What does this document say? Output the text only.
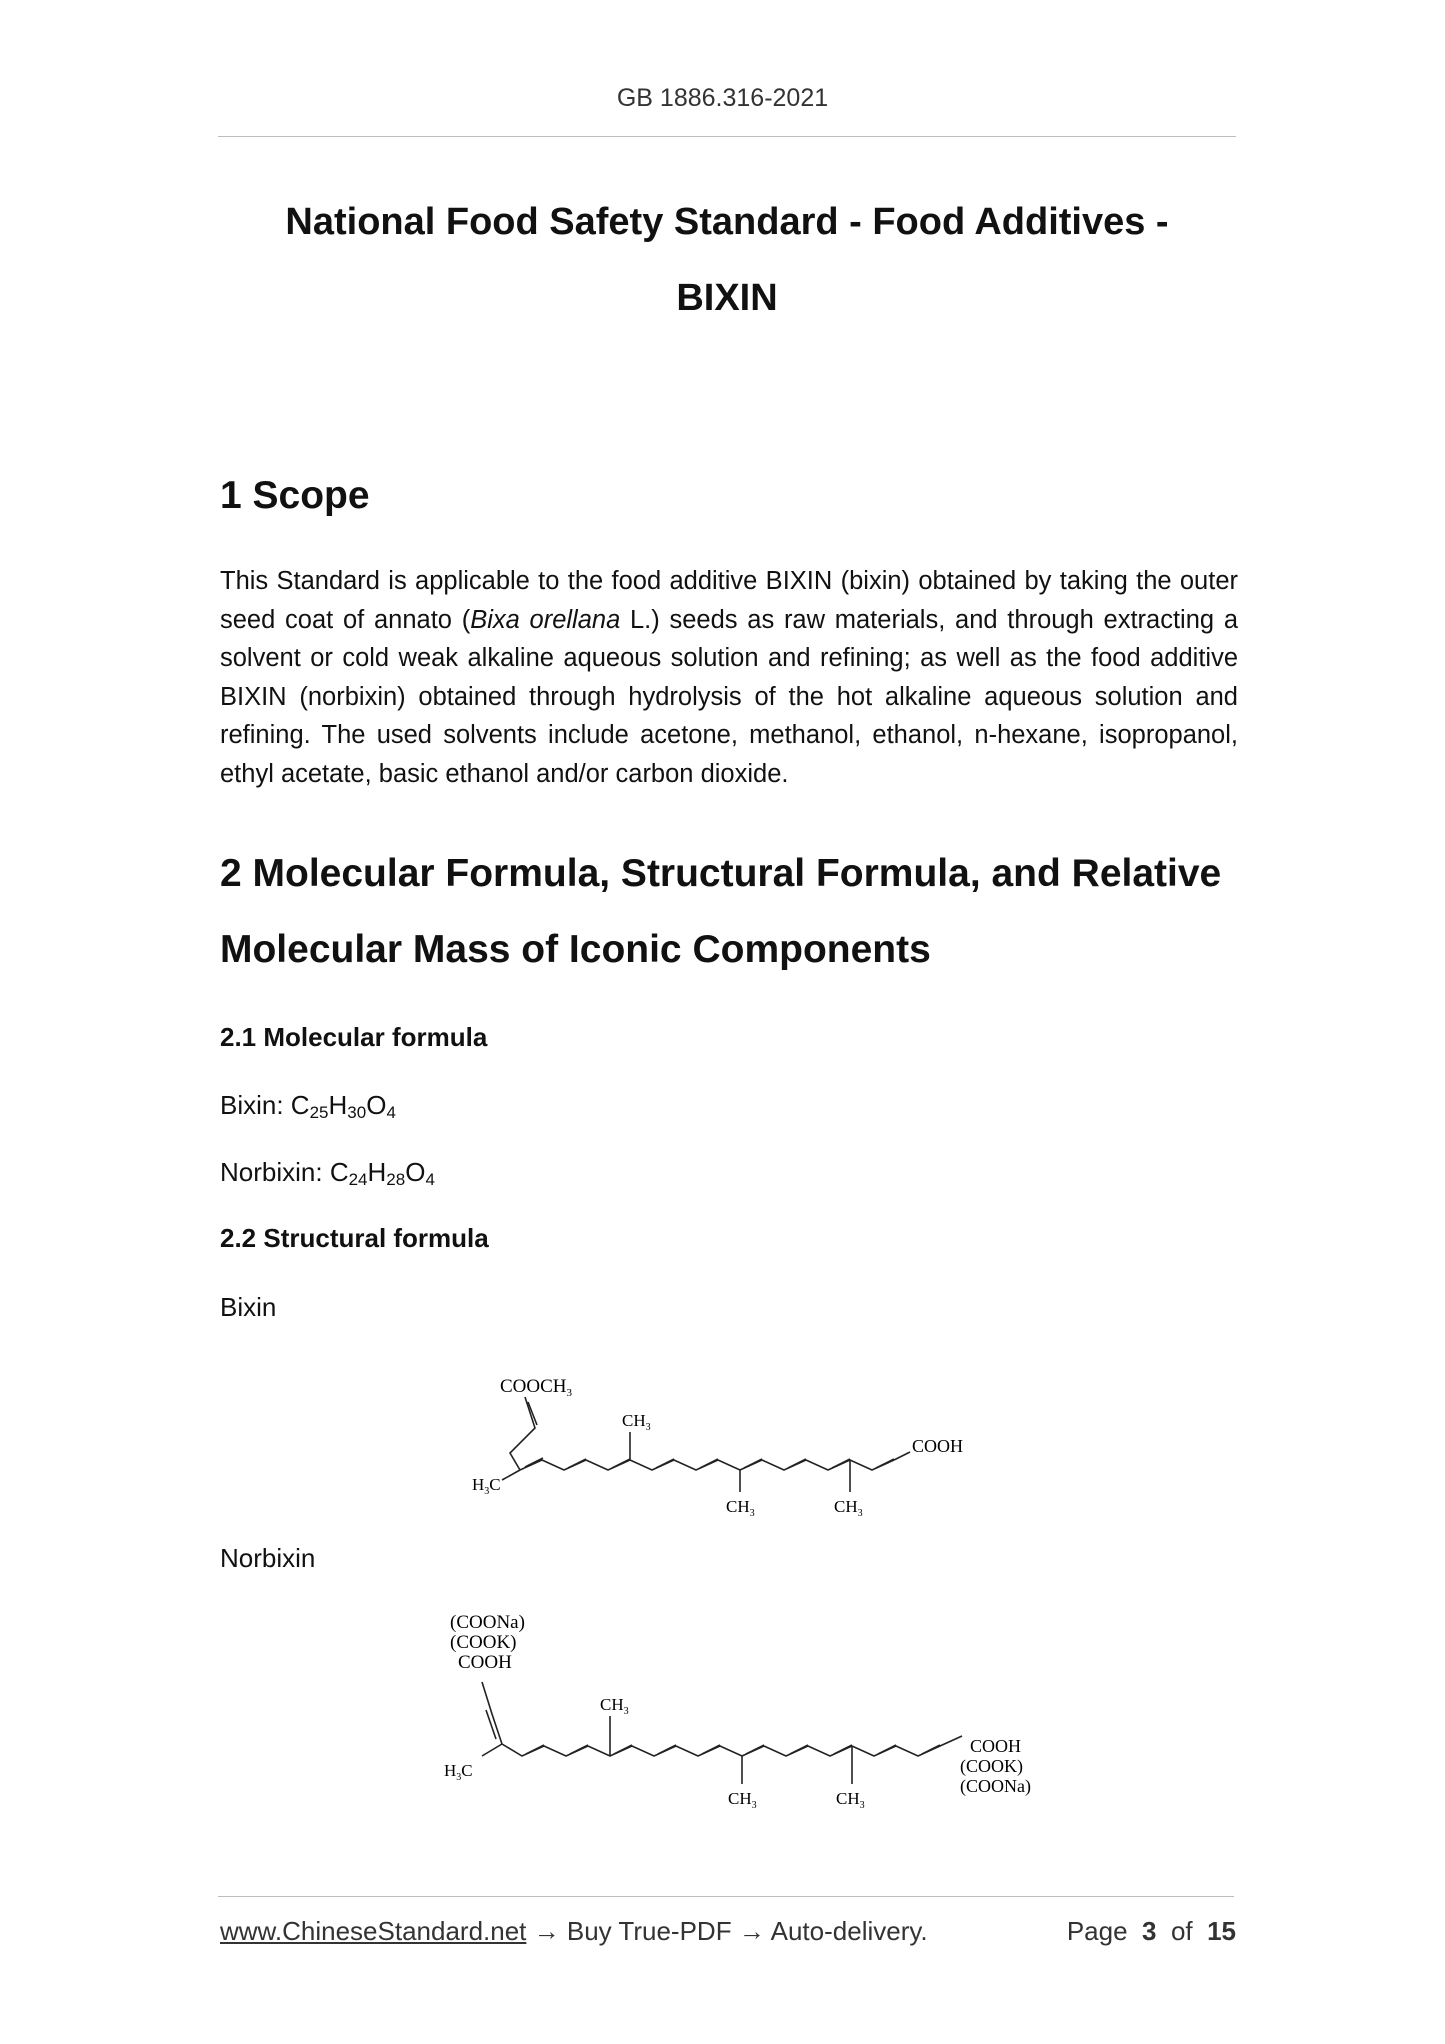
GB 1886.316-2021
National Food Safety Standard - Food Additives -
BIXIN
1 Scope

This Standard is applicable to the food additive BIXIN (bixin) obtained by taking the outer seed coat of annato (Bixa orellana L.) seeds as raw materials, and through extracting a solvent or cold weak alkaline aqueous solution and refining; as well as the food additive BIXIN (norbixin) obtained through hydrolysis of the hot alkaline aqueous solution and refining. The used solvents include acetone, methanol, ethanol, n-hexane, isopropanol, ethyl acetate, basic ethanol and/or carbon dioxide.

2 Molecular Formula, Structural Formula, and Relative
Molecular Mass of Iconic Components
2.1 Molecular formula
Bixin: $C_{25}H_{30}O_4$
Norbixin: $C_{24}H_{28}O_4$
2.2 Structural formula
Bixin
$COOCH_3$
$H_3C$
$CH_3$
$CH_3$	$CH_3$
COOH
Norbixin
(COONa)
(COOK)
COOH
$H_3C$
$CH_3$
$CH_3$	$CH_3$
COOH
(COOK)
(COONa)
www.ChineseStandard.net → Buy True-PDF → Auto-delivery.	Page 3 of 15
